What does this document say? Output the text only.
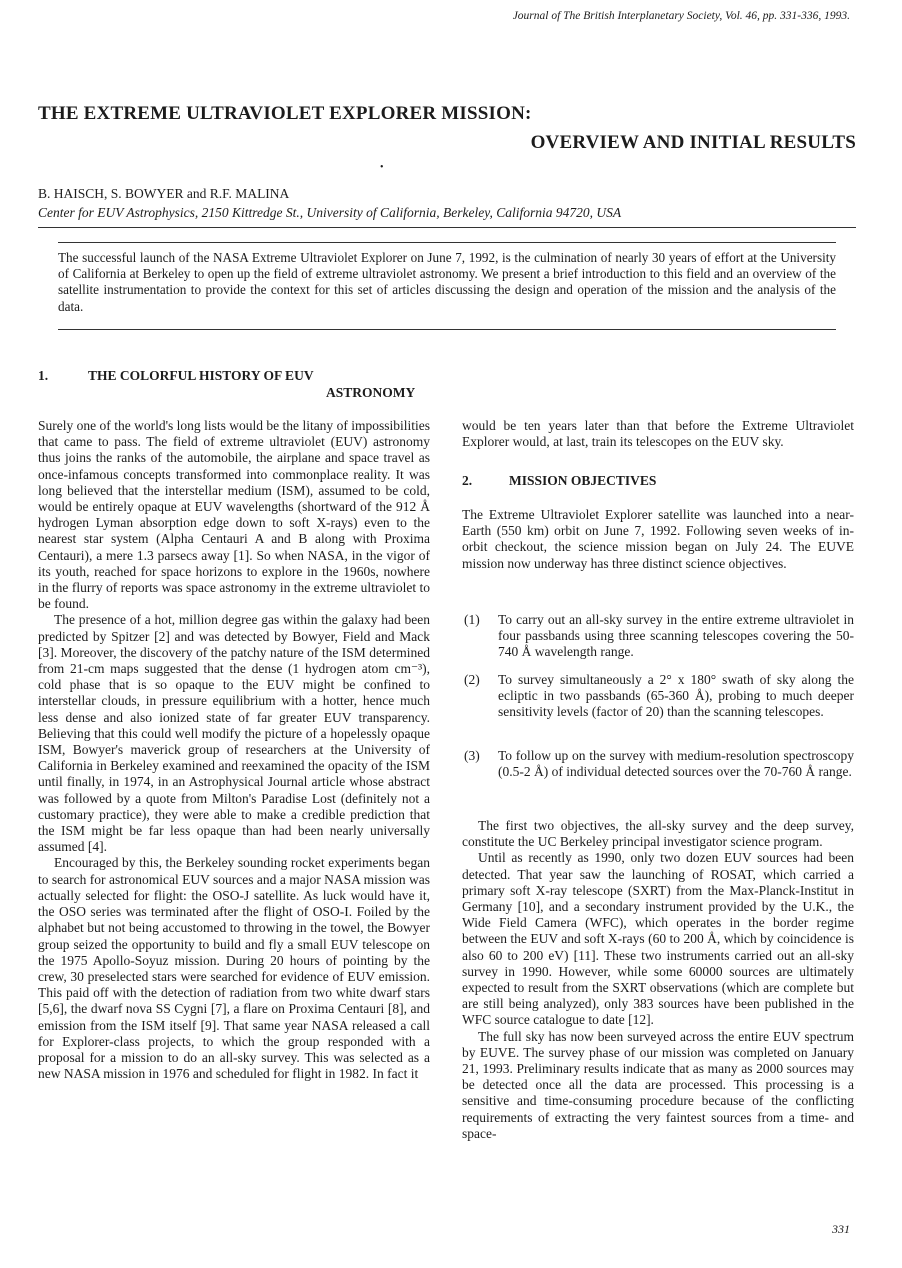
Journal of The British Interplanetary Society, Vol. 46, pp. 331-336, 1993.
THE EXTREME ULTRAVIOLET EXPLORER MISSION:
OVERVIEW AND INITIAL RESULTS
•
B. HAISCH, S. BOWYER and R.F. MALINA
Center for EUV Astrophysics, 2150 Kittredge St., University of California, Berkeley, California 94720, USA
The successful launch of the NASA Extreme Ultraviolet Explorer on June 7, 1992, is the culmination of nearly 30 years of effort at the University of California at Berkeley to open up the field of extreme ultraviolet astronomy. We present a brief introduction to this field and an overview of the satellite instrumentation to provide the context for this set of articles discussing the design and operation of the mission and the analysis of the data.
1.	THE COLORFUL HISTORY OF EUV
ASTRONOMY

Surely one of the world's long lists would be the litany of impossibilities that came to pass. The field of extreme ultraviolet (EUV) astronomy thus joins the ranks of the automobile, the airplane and space travel as once-infamous concepts transformed into commonplace reality. It was long believed that the interstellar medium (ISM), assumed to be cold, would be entirely opaque at EUV wavelengths (shortward of the 912 Å hydrogen Lyman absorption edge down to soft X-rays) even to the nearest star system (Alpha Centauri A and B along with Proxima Centauri), a mere 1.3 parsecs away [1]. So when NASA, in the vigor of its youth, reached for space horizons to explore in the 1960s, nowhere in the flurry of reports was space astronomy in the extreme ultraviolet to be found.

The presence of a hot, million degree gas within the galaxy had been predicted by Spitzer [2] and was detected by Bowyer, Field and Mack [3]. Moreover, the discovery of the patchy nature of the ISM determined from 21-cm maps suggested that the dense (1 hydrogen atom cm⁻³), cold phase that is so opaque to the EUV might be confined to interstellar clouds, in pressure equilibrium with a hotter, hence much less dense and also ionized state of far greater EUV transparency. Believing that this could well modify the picture of a hopelessly opaque ISM, Bowyer's maverick group of researchers at the University of California in Berkeley examined and reexamined the opacity of the ISM until finally, in 1974, in an Astrophysical Journal article whose abstract was followed by a quote from Milton's Paradise Lost (definitely not a customary practice), they were able to make a credible prediction that the ISM might be far less opaque than had been nearly universally assumed [4].

Encouraged by this, the Berkeley sounding rocket experiments began to search for astronomical EUV sources and a major NASA mission was actually selected for flight: the OSO-J satellite. As luck would have it, the OSO series was terminated after the flight of OSO-I. Foiled by the alphabet but not being accustomed to throwing in the towel, the Bowyer group seized the opportunity to build and fly a small EUV telescope on the 1975 Apollo-Soyuz mission. During 20 hours of pointing by the crew, 30 preselected stars were searched for evidence of EUV emission. This paid off with the detection of radiation from two white dwarf stars [5,6], the dwarf nova SS Cygni [7], a flare on Proxima Centauri [8], and emission from the ISM itself [9]. That same year NASA released a call for Explorer-class projects, to which the group responded with a proposal for a mission to do an all-sky survey. This was selected as a new NASA mission in 1976 and scheduled for flight in 1982. In fact it

would be ten years later than that before the Extreme Ultraviolet Explorer would, at last, train its telescopes on the EUV sky.

2.	MISSION OBJECTIVES

The Extreme Ultraviolet Explorer satellite was launched into a near-Earth (550 km) orbit on June 7, 1992. Following seven weeks of in-orbit checkout, the science mission began on July 24. The EUVE mission now underway has three distinct science objectives.

(1) To carry out an all-sky survey in the entire extreme ultraviolet in four passbands using three scanning telescopes covering the 50-740 Å wavelength range.
(2) To survey simultaneously a 2° x 180° swath of sky along the ecliptic in two passbands (65-360 Å), probing to much deeper sensitivity levels (factor of 20) than the scanning telescopes.
(3) To follow up on the survey with medium-resolution spectroscopy (0.5-2 Å) of individual detected sources over the 70-760 Å range.

The first two objectives, the all-sky survey and the deep survey, constitute the UC Berkeley principal investigator science program.

Until as recently as 1990, only two dozen EUV sources had been detected. That year saw the launching of ROSAT, which carried a primary soft X-ray telescope (SXRT) from the Max-Planck-Institut in Germany [10], and a secondary instrument provided by the U.K., the Wide Field Camera (WFC), which operates in the border regime between the EUV and soft X-rays (60 to 200 Å, which by coincidence is also 60 to 200 eV) [11]. These two instruments carried out an all-sky survey in 1990. However, while some 60000 sources are ultimately expected to result from the SXRT observations (which are complete but are still being analyzed), only 383 sources have been published in the WFC source catalogue to date [12].

The full sky has now been surveyed across the entire EUV spectrum by EUVE. The survey phase of our mission was completed on January 21, 1993. Preliminary results indicate that as many as 2000 sources may be detected once all the data are processed. This processing is a sensitive and time-consuming procedure because of the conflicting requirements of extracting the very faintest sources from a time- and space-

331
